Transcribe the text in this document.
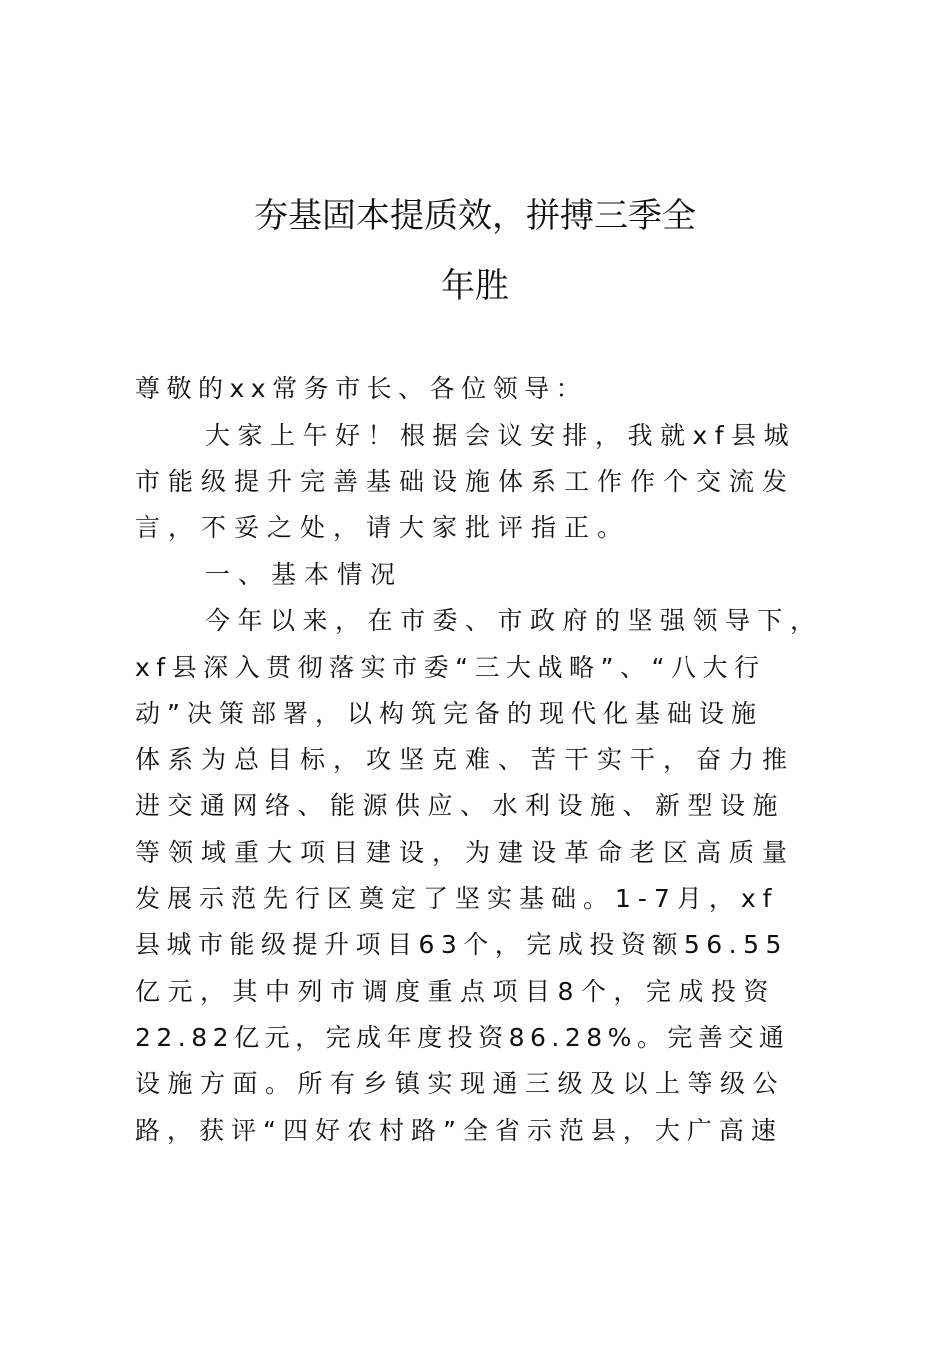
夯基固本提质效，拼搏三季全
年胜
尊敬的xx常务市长、各位领导：
大家上午好！根据会议安排，我就xf县城
市能级提升完善基础设施体系工作作个交流发
言，不妥之处，请大家批评指正。
一、基本情况
今年以来，在市委、市政府的坚强领导下，
xf县深入贯彻落实市委“三大战略”、“八大行
动”决策部署，以构筑完备的现代化基础设施
体系为总目标，攻坚克难、苦干实干，奋力推
进交通网络、能源供应、水利设施、新型设施
等领域重大项目建设，为建设革命老区高质量
发展示范先行区奠定了坚实基础。1-7月，xf
县城市能级提升项目63个，完成投资额56.55
亿元，其中列市调度重点项目8个，完成投资
22.82亿元，完成年度投资86.28%。完善交通
设施方面。所有乡镇实现通三级及以上等级公
路，获评“四好农村路”全省示范县，大广高速
